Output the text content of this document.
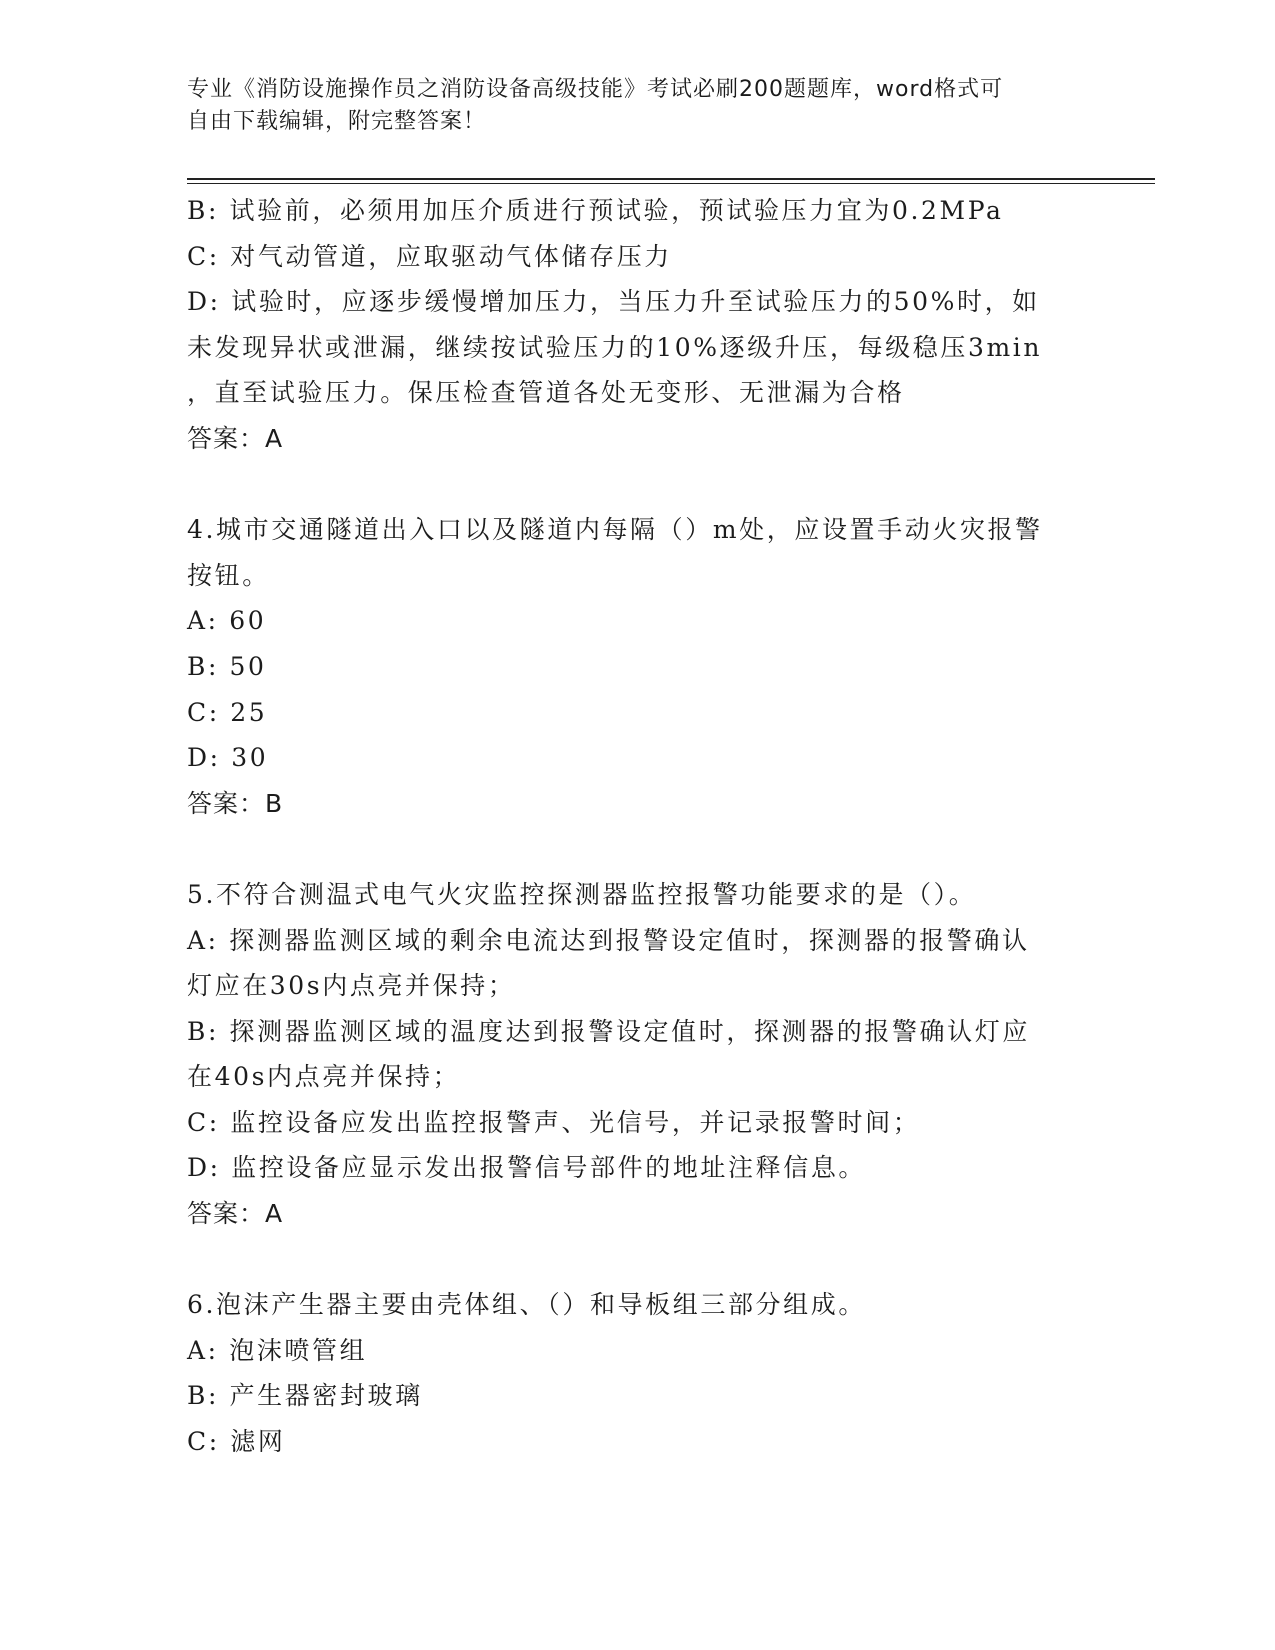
专业《消防设施操作员之消防设备高级技能》考试必刷200题题库，word格式可
自由下载编辑，附完整答案！
B: 试验前，必须用加压介质进行预试验，预试验压力宜为0.2MPa
C: 对气动管道，应取驱动气体储存压力
D: 试验时，应逐步缓慢增加压力，当压力升至试验压力的50%时，如
未发现异状或泄漏，继续按试验压力的10%逐级升压，每级稳压3min
，直至试验压力。保压检查管道各处无变形、无泄漏为合格
答案：A
4.城市交通隧道出入口以及隧道内每隔（）m处，应设置手动火灾报警
按钮。
A: 60
B: 50
C: 25
D: 30
答案：B
5.不符合测温式电气火灾监控探测器监控报警功能要求的是（）。
A: 探测器监测区域的剩余电流达到报警设定值时，探测器的报警确认
灯应在30s内点亮并保持；
B: 探测器监测区域的温度达到报警设定值时，探测器的报警确认灯应
在40s内点亮并保持；
C: 监控设备应发出监控报警声、光信号，并记录报警时间；
D: 监控设备应显示发出报警信号部件的地址注释信息。
答案：A
6.泡沫产生器主要由壳体组、（）和导板组三部分组成。
A: 泡沫喷管组
B: 产生器密封玻璃
C: 滤网
